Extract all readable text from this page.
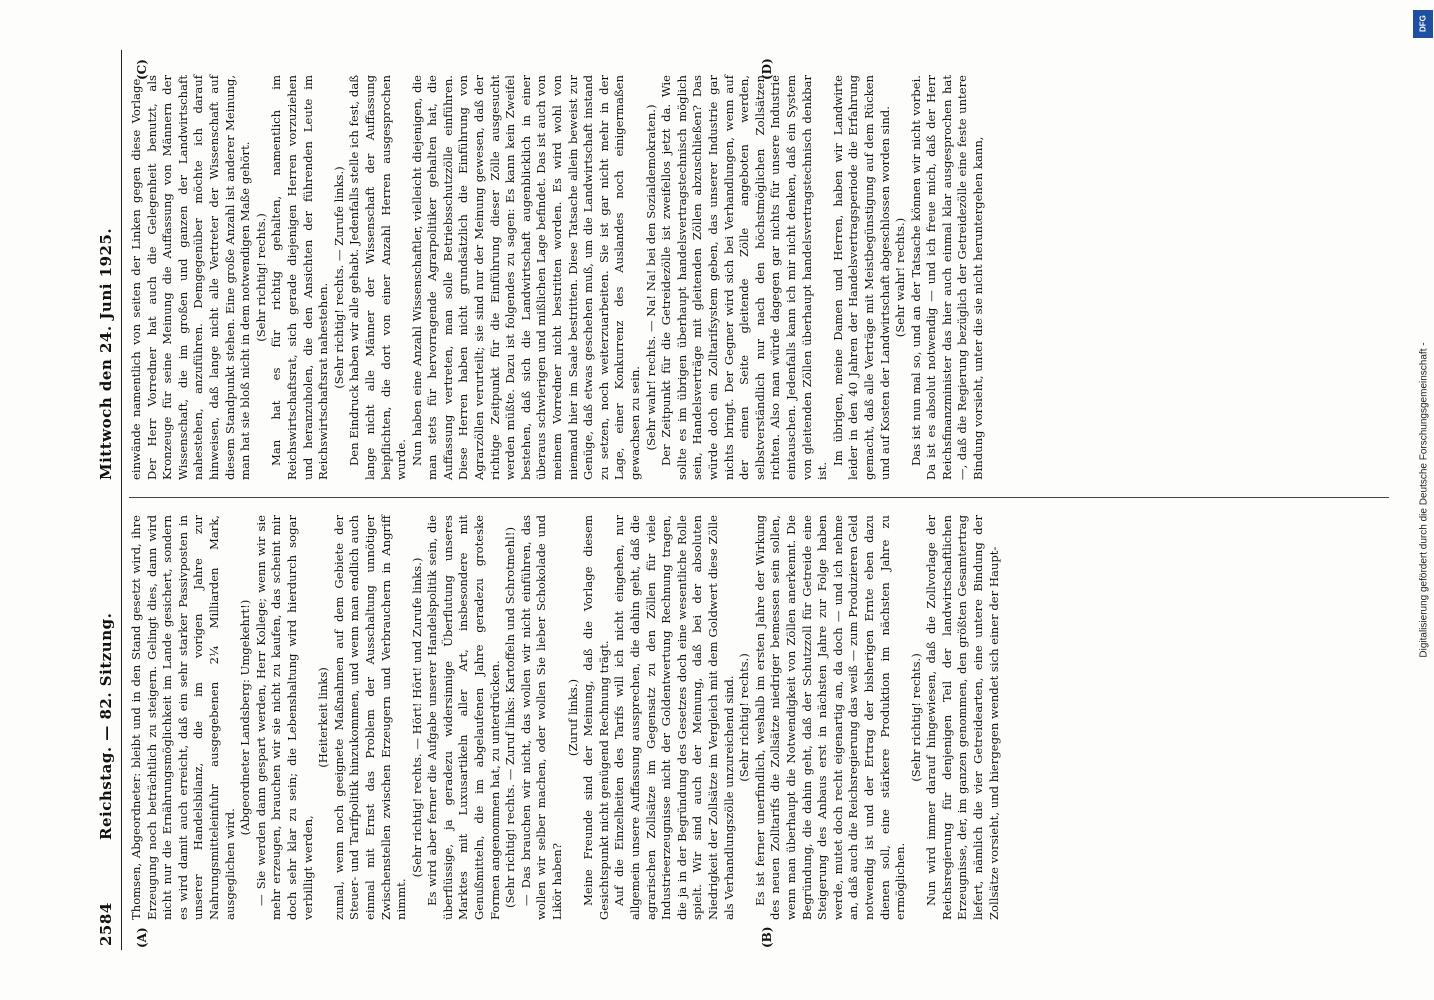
2584
Reichstag. — 82. Sitzung.
Mittwoch den 24. Juni 1925.
(A)	(B)
(C)	(D)

Thomsen, Abgeordneter: bleibt und in den Stand gesetzt wird, ihre Erzeugung noch beträchtlich zu steigern. Gelingt dies, dann wird nicht nur die Ernährungsmöglichkeit im Lande gesichert, sondern es wird damit auch erreicht, daß ein sehr starker Passivposten in unserer Handelsbilanz, die im vorigen Jahre zur Nahrungsmitteleinfuhr ausgegebenen 2¼ Milliarden Mark, ausgeglichen wird.

(Abgeordneter Landsberg: Umgekehrt!) — Sie werden dann gespart werden, Herr Kollege; wenn wir sie mehr erzeugen, brauchen wir sie nicht zu kaufen, das scheint mir doch sehr klar zu sein; die Lebenshaltung wird hierdurch sogar verbilligt werden,

(Heiterkeit links) zumal, wenn noch geeignete Maßnahmen auf dem Gebiete der Steuer- und Tarifpolitik hinzukommen, und wenn man endlich auch einmal mit Ernst das Problem der Ausschaltung unnötiger Zwischenstellen zwischen Erzeugern und Verbrauchern in Angriff nimmt.

(Sehr richtig! rechts. — Hört! Hört! und Zurufe links.) Es wird aber ferner die Aufgabe unserer Handelspolitik sein, die überflüssige, ja geradezu widersinnige Überflutung unseres Marktes mit Luxusartikeln aller Art, insbesondere mit Genußmitteln, die im abgelaufenen Jahre geradezu groteske Formen angenommen hat, zu unterdrücken. (Sehr richtig! rechts. — Zuruf links: Kartoffeln und Schrotmehl!) — Das brauchen wir nicht, das wollen wir nicht einführen, das wollen wir selber machen, oder wollen Sie lieber Schokolade und Likör haben?

(Zuruf links.) Meine Freunde sind der Meinung, daß die Vorlage diesem Gesichtspunkt nicht genügend Rechnung trägt. Auf die Einzelheiten des Tarifs will ich nicht eingehen, nur allgemein unsere Auffassung aussprechen, die dahin geht, daß die agrarischen Zollsätze im Gegensatz zu den Zöllen für viele Industrieerzeugnisse nicht der Goldentwertung Rechnung tragen, die ja in der Begründung des Gesetzes doch eine wesentliche Rolle spielt. Wir sind auch der Meinung, daß bei der absoluten Niedrigkeit der Zollsätze im Vergleich mit dem Goldwert diese Zölle als Verhandlungszölle unzureichend sind. (Sehr richtig! rechts.) Es ist ferner unerfindlich, weshalb im ersten Jahre der Wirkung des neuen Zolltarifs die Zollsätze niedriger bemessen sein sollen, wenn man überhaupt die Notwendigkeit von Zöllen anerkennt. Die Begründung, die dahin geht, daß der Schutzzoll für Getreide eine Steigerung des Anbaus erst in nächsten Jahre zur Folge haben werde, mutet doch recht eigenartig an, da doch — und ich nehme an, daß auch die Reichsregierung das weiß — zum Produzieren Geld notwendig ist und der Ertrag der bisherigen Ernte eben dazu dienen soll, eine stärkere Produktion im nächsten Jahre zu ermöglichen.

(Sehr richtig! rechts.) Nun wird immer darauf hingewiesen, daß die Zollvorlage der Reichsregierung für denjenigen Teil der landwirtschaftlichen Erzeugnisse, der, im ganzen genommen, den größten Gesamtertrag liefert, nämlich die vier Getreidearten, eine untere Bindung der Zollsätze vorsieht, und hiergegen wendet sich einer der Haupt-

einwände namentlich von seiten der Linken gegen diese Vorlage. Der Herr Vorredner hat auch die Gelegenheit benutzt, als Kronzeuge für seine Meinung die Auffassung von Männern der Wissenschaft, die im großen und ganzen der Landwirtschaft nahestehen, anzuführen. Demgegenüber möchte ich darauf hinweisen, daß lange nicht alle Vertreter der Wissenschaft auf diesem Standpunkt stehen. Eine große Anzahl ist anderer Meinung, man hat sie bloß nicht in dem notwendigen Maße gehört. (Sehr richtig! rechts.) Man hat es für richtig gehalten, namentlich im Reichswirtschaftsrat, sich gerade diejenigen Herren vorzuziehen und heranzuholen, die den Ansichten der führenden Leute im Reichswirtschaftsrat nahestehen. (Sehr richtig! rechts. — Zurufe links.) Den Eindruck haben wir alle gehabt. Jedenfalls stelle ich fest, daß lange nicht alle Männer der Wissenschaft der Auffassung beipflichten, die dort von einer Anzahl Herren ausgesprochen wurde. Nun haben eine Anzahl Wissenschaftler, vielleicht diejenigen, die man stets für hervorragende Agrarpolitiker gehalten hat, die Auffassung vertreten, man solle Betriebsschutzzölle einführen. Diese Herren haben nicht grundsätzlich die Einführung von Agrarzöllen verurteilt; sie sind nur der Meinung gewesen, daß der richtige Zeitpunkt für die Einführung dieser Zölle ausgesucht werden müßte. Dazu ist folgendes zu sagen: Es kann kein Zweifel bestehen, daß sich die Landwirtschaft augenblicklich in einer überaus schwierigen und mißlichen Lage befindet. Das ist auch von meinem Vorredner nicht bestritten worden. Es wird wohl von niemand hier im Saale bestritten. Diese Tatsache allein beweist zur Genüge, daß etwas geschehen muß, um die Landwirtschaft instand zu setzen, noch weiterzuarbeiten. Sie ist gar nicht mehr in der Lage, einer Konkurrenz des Auslandes noch einigermaßen gewachsen zu sein. (Sehr wahr! rechts. — Na! Na! bei den Sozialdemokraten.) Der Zeitpunkt für die Getreidezölle ist zweifellos jetzt da. Wie sollte es im übrigen überhaupt handelsvertragstechnisch möglich sein, Handelsverträge mit gleitenden Zöllen abzuschließen? Das würde doch ein Zolltarifsystem geben, das unserer Industrie gar nichts bringt. Der Gegner wird sich bei Verhandlungen, wenn auf der einen Seite gleitende Zölle angeboten werden, selbstverständlich nur nach den höchstmöglichen Zollsätzen richten. Also man würde dagegen gar nichts für unsere Industrie eintauschen. Jedenfalls kann ich mir nicht denken, daß ein System von gleitenden Zöllen überhaupt handelsvertragstechnisch denkbar ist.

Im übrigen, meine Damen und Herren, haben wir Landwirte leider in den 40 Jahren der Handelsvertragsperiode die Erfahrung gemacht, daß alle Verträge mit Meistbegünstigung auf dem Rücken und auf Kosten der Landwirtschaft abgeschlossen worden sind. (Sehr wahr! rechts.) Das ist nun mal so, und an der Tatsache können wir nicht vorbei. Da ist es absolut notwendig — und ich freue mich, daß der Herr Reichsfinanzminister das hier auch einmal klar ausgesprochen hat —, daß die Regierung bezüglich der Getreidezölle eine feste untere Bindung vorsieht, unter die sie nicht heruntergehen kann,

Digitalisierung gefördert durch die Deutsche Forschungsgemeinschaft -
DFG
